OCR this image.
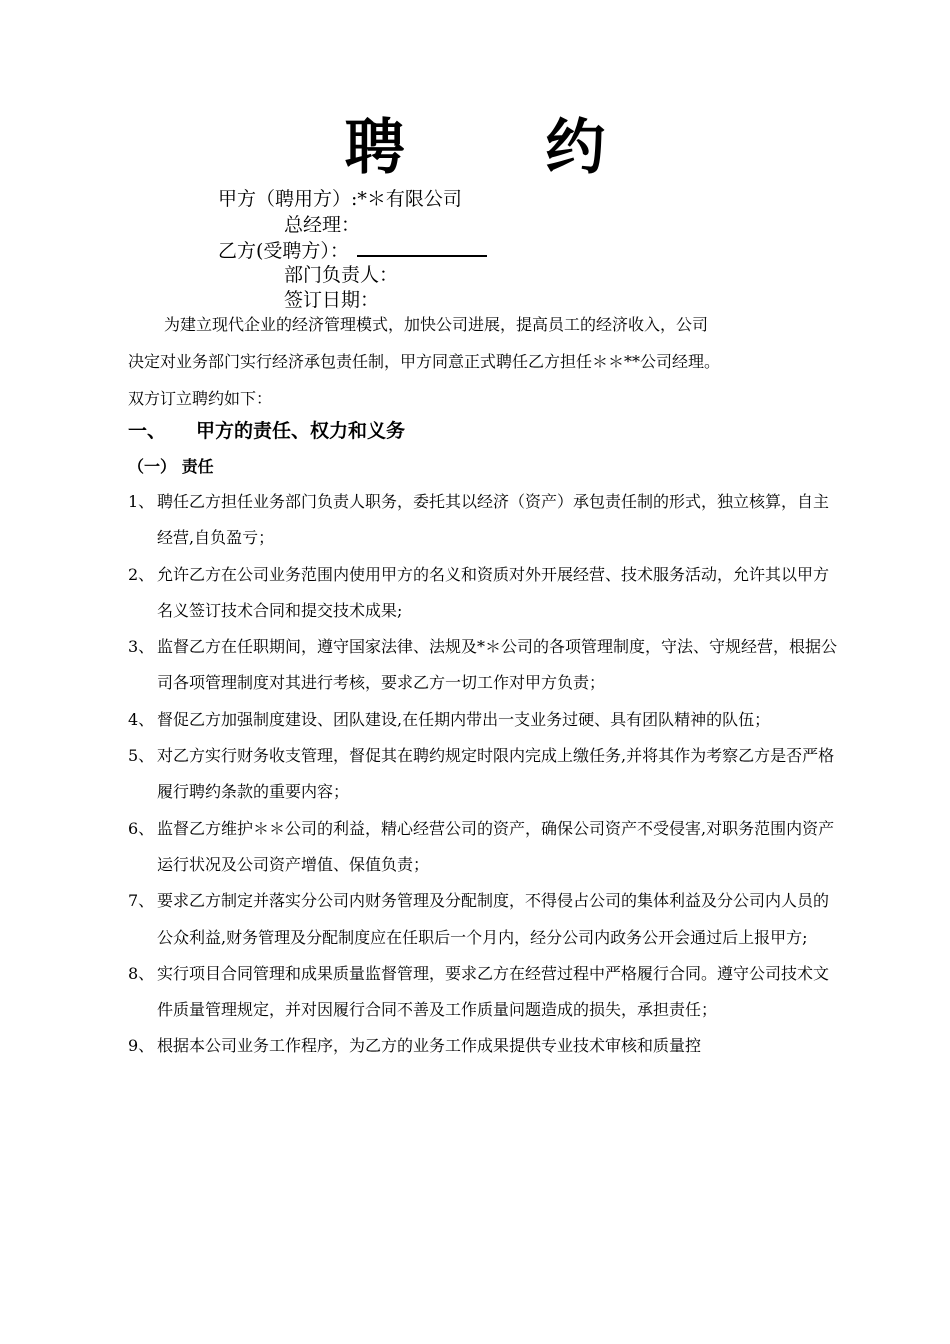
聘 约
甲方（聘用方）:*＊有限公司
总经理：
乙方(受聘方）：
部门负责人：
签订日期：

为建立现代企业的经济管理模式，加快公司进展，提高员工的经济收入，公司

决定对业务部门实行经济承包责任制，甲方同意正式聘任乙方担任＊＊**公司经理。

双方订立聘约如下：

一、 甲方的责任、权力和义务
（一） 责任

1、 聘任乙方担任业务部门负责人职务，委托其以经济（资产）承包责任制的形式，独立核算，自主经营,自负盈亏；

2、 允许乙方在公司业务范围内使用甲方的名义和资质对外开展经营、技术服务活动，允许其以甲方名义签订技术合同和提交技术成果;

3、 监督乙方在任职期间，遵守国家法律、法规及*＊公司的各项管理制度，守法、守规经营，根据公司各项管理制度对其进行考核，要求乙方一切工作对甲方负责；

4、 督促乙方加强制度建设、团队建设,在任期内带出一支业务过硬、具有团队精神的队伍；

5、 对乙方实行财务收支管理，督促其在聘约规定时限内完成上缴任务,并将其作为考察乙方是否严格履行聘约条款的重要内容；

6、 监督乙方维护＊＊公司的利益，精心经营公司的资产，确保公司资产不受侵害,对职务范围内资产运行状况及公司资产增值、保值负责；

7、 要求乙方制定并落实分公司内财务管理及分配制度，不得侵占公司的集体利益及分公司内人员的公众利益,财务管理及分配制度应在任职后一个月内，经分公司内政务公开会通过后上报甲方;

8、 实行项目合同管理和成果质量监督管理，要求乙方在经营过程中严格履行合同。遵守公司技术文件质量管理规定，并对因履行合同不善及工作质量问题造成的损失，承担责任；

9、 根据本公司业务工作程序，为乙方的业务工作成果提供专业技术审核和质量控
